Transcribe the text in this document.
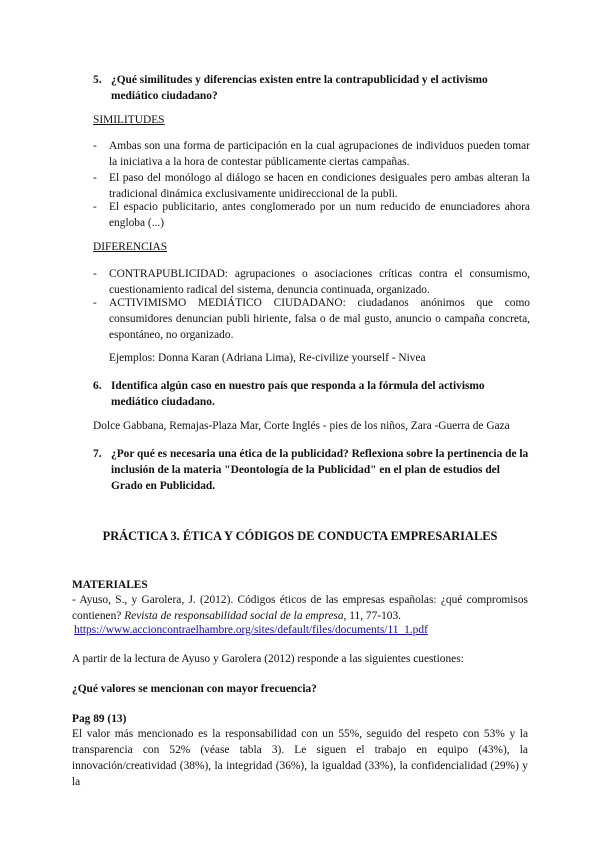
5. ¿Qué similitudes y diferencias existen entre la contrapublicidad y el activismo mediático ciudadano?
SIMILITUDES
-	Ambas son una forma de participación en la cual agrupaciones de individuos pueden tomar la iniciativa a la hora de contestar públicamente ciertas campañas.
-	El paso del monólogo al diálogo se hacen en condiciones desiguales pero ambas alteran la tradicional dinámica exclusivamente unidireccional de la publi.
-	El espacio publicitario, antes conglomerado por un num reducido de enunciadores ahora engloba (...)
DIFERENCIAS
-	CONTRAPUBLICIDAD: agrupaciones o asociaciones críticas contra el consumismo, cuestionamiento radical del sistema, denuncia continuada, organizado.
-	ACTIVIMISMO MEDIÁTICO CIUDADANO: ciudadanos anónimos que como consumidores denuncian publi hiriente, falsa o de mal gusto, anuncio o campaña concreta, espontáneo, no organizado.
Ejemplos: Donna Karan (Adriana Lima), Re-civilize yourself - Nivea
6. Identifica algún caso en nuestro país que responda a la fórmula del activismo mediático ciudadano.
Dolce Gabbana, Remajas-Plaza Mar, Corte Inglés - pies de los niños, Zara -Guerra de Gaza
7. ¿Por qué es necesaria una ética de la publicidad? Reflexiona sobre la pertinencia de la inclusión de la materia "Deontología de la Publicidad" en el plan de estudios del Grado en Publicidad.
PRÁCTICA 3. ÉTICA Y CÓDIGOS DE CONDUCTA EMPRESARIALES
MATERIALES
- Ayuso, S., y Garolera, J. (2012). Códigos éticos de las empresas españolas: ¿qué compromisos contienen? Revista de responsabilidad social de la empresa, 11, 77-103.
https://www.accioncontraelhambre.org/sites/default/files/documents/11_1.pdf
A partir de la lectura de Ayuso y Garolera (2012) responde a las siguientes cuestiones:
¿Qué valores se mencionan con mayor frecuencia?
Pag 89 (13)
El valor más mencionado es la responsabilidad con un 55%, seguido del respeto con 53% y la transparencia con 52% (véase tabla 3). Le siguen el trabajo en equipo (43%), la innovación/creatividad (38%), la integridad (36%), la igualdad (33%), la confidencialidad (29%) y la
